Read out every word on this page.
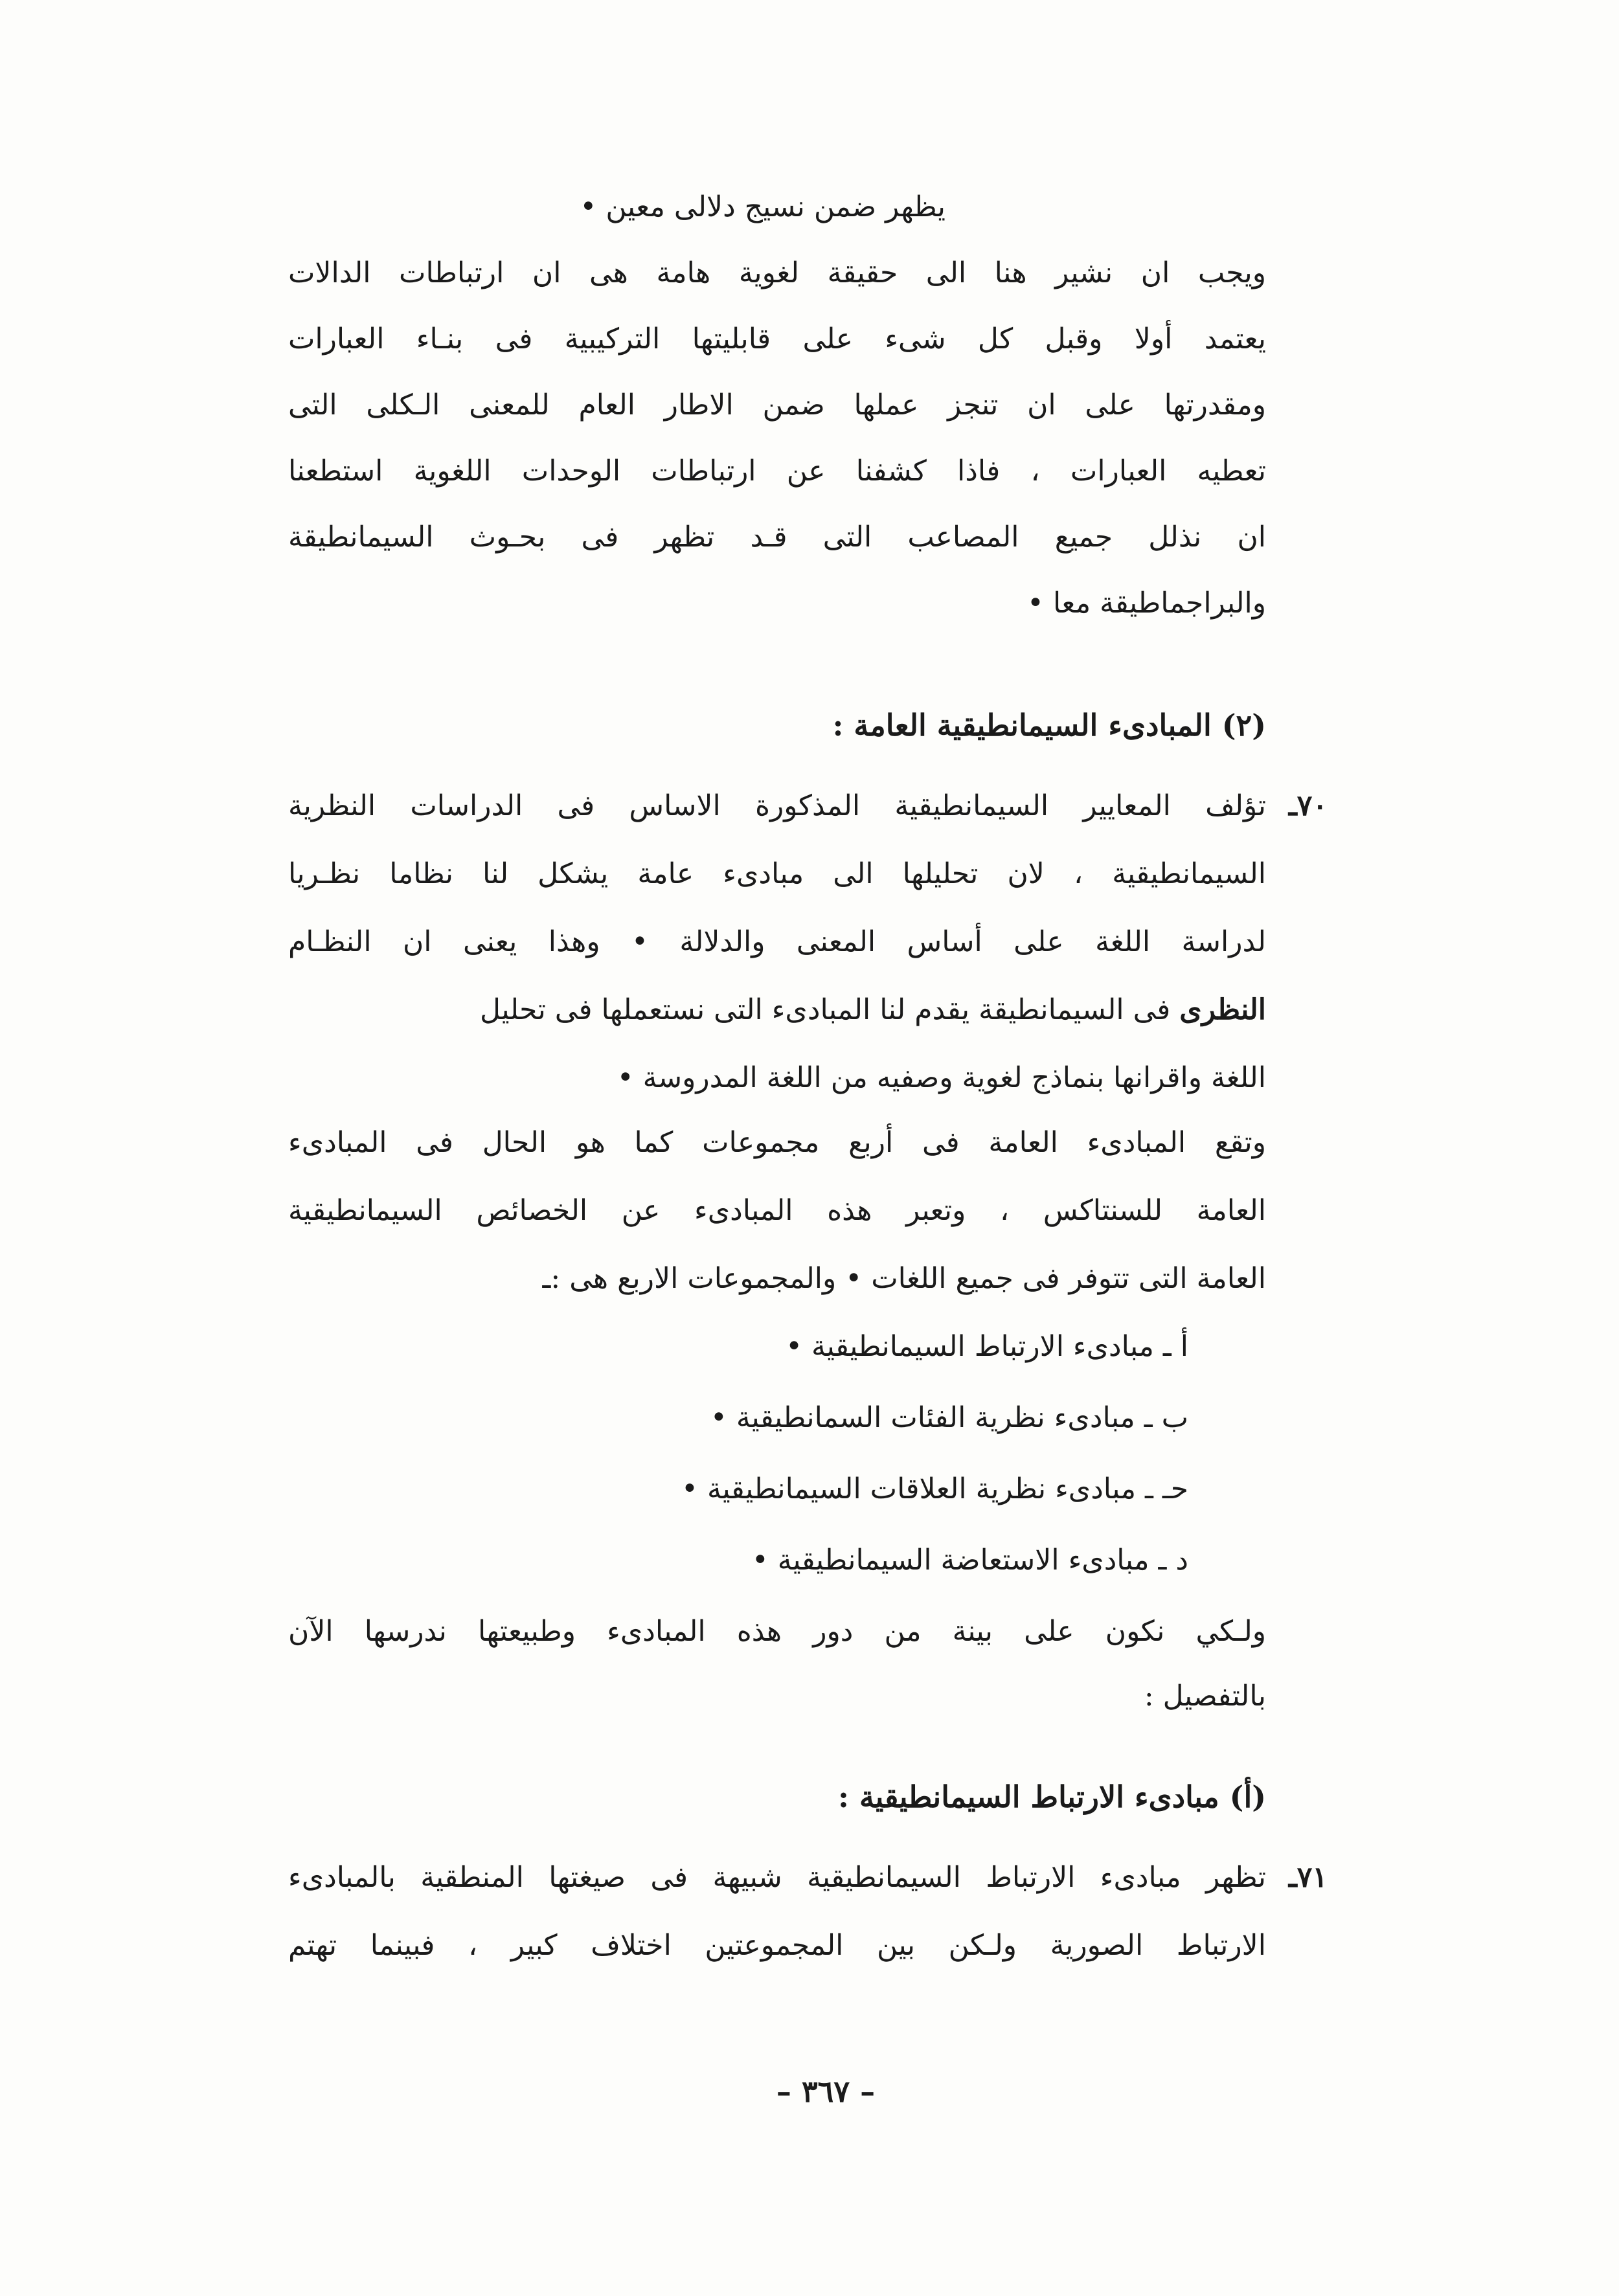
يظهر ضمن نسيج دلالى معين •
ويجب ان نشير هنا الى حقيقة لغوية هامة هى ان ارتباطات الدالات
يعتمد أولا وقبل كل شىء على قابليتها التركيبية فى بنـاء العبارات
ومقدرتها على ان تنجز عملها ضمن الاطار العام للمعنى الـكلى التى
تعطيه العبارات ، فاذا كشفنا عن ارتباطات الوحدات اللغوية استطعنا
ان نذلل جميع المصاعب التى قـد تظهر فى بحـوث السيمانطيقة
والبراجماطيقة معا •
(٢) المبادىء السيمانطيقية العامة :
٧٠ـ
تؤلف المعايير السيمانطيقية المذكورة الاساس فى الدراسات النظرية
السيمانطيقية ، لان تحليلها الى مبادىء عامة يشكل لنا نظاما نظـريا
لدراسة اللغة على أساس المعنى والدلالة • وهذا يعنى ان النظـام
النظرى فى السيمانطيقة يقدم لنا المبادىء التى نستعملها فى تحليل
اللغة واقرانها بنماذج لغوية وصفيه من اللغة المدروسة •
وتقع المبادىء العامة فى أربع مجموعات كما هو الحال فى المبادىء
العامة للسنتاكس ، وتعبر هذه المبادىء عن الخصائص السيمانطيقية
العامة التى تتوفر فى جميع اللغات • والمجموعات الاربع هى :ـ
أ ـ مبادىء الارتباط السيمانطيقية •
ب ـ مبادىء نظرية الفئات السمانطيقية •
حـ ـ مبادىء نظرية العلاقات السيمانطيقية •
د ـ مبادىء الاستعاضة السيمانطيقية •
ولـكي نكون على بينة من دور هذه المبادىء وطبيعتها ندرسها الآن
بالتفصيل :
(أ) مبادىء الارتباط السيمانطيقية :
٧١ـ
تظهر مبادىء الارتباط السيمانطيقية شبيهة فى صيغتها المنطقية بالمبادىء
الارتباط الصورية ولـكن بين المجموعتين اختلاف كبير ، فبينما تهتم
– ٣٦٧ –
